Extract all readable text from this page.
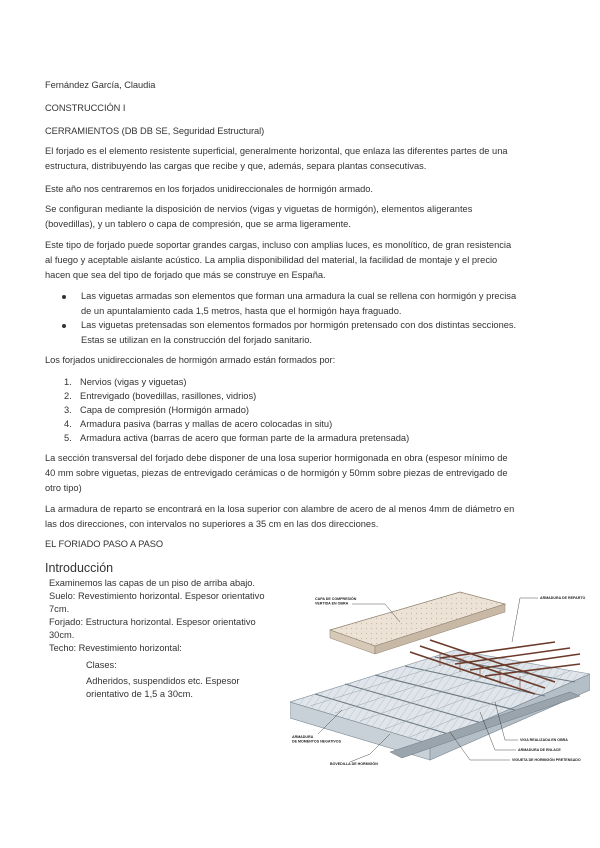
Fernández García, Claudia
CONSTRUCCIÓN I
CERRAMIENTOS (DB DB SE, Seguridad Estructural)
El forjado es el elemento resistente superficial, generalmente horizontal, que enlaza las diferentes partes de una
estructura, distribuyendo las cargas que recibe y que, además, separa plantas consecutivas.
Este año nos centraremos en los forjados unidireccionales de hormigón armado.
Se configuran mediante la disposición de nervios (vigas y viguetas de hormigón), elementos aligerantes
(bovedillas), y un tablero o capa de compresión, que se arma ligeramente.
Este tipo de forjado puede soportar grandes cargas, incluso con amplias luces, es monolítico, de gran resistencia
al fuego y aceptable aislante acústico. La amplia disponibilidad del material, la facilidad de montaje y el precio
hacen que sea del tipo de forjado que más se construye en España.
Las viguetas armadas son elementos que forman una armadura la cual se rellena con hormigón y precisa
de un apuntalamiento cada 1,5 metros, hasta que el hormigón haya fraguado.
Las viguetas pretensadas son elementos formados por hormigón pretensado con dos distintas secciones.
Estas se utilizan en la construcción del forjado sanitario.
Los forjados unidireccionales de hormigón armado están formados por:
1. Nervios (vigas y viguetas)
2. Entrevigado (bovedillas, rasillones, vidrios)
3. Capa de compresión (Hormigón armado)
4. Armadura pasiva (barras y mallas de acero colocadas in situ)
5. Armadura activa (barras de acero que forman parte de la armadura pretensada)
La sección transversal del forjado debe disponer de una losa superior hormigonada en obra (espesor mínimo de
40 mm sobre viguetas, piezas de entrevigado cerámicas o de hormigón y 50mm sobre piezas de entrevigado de
otro tipo)
La armadura de reparto se encontrará en la losa superior con alambre de acero de al menos 4mm de diámetro en
las dos direcciones, con intervalos no superiores a 35 cm en las dos direcciones.
EL FORIADO PASO A PASO
Introducción
Examinemos las capas de un piso de arriba abajo.
Suelo: Revestimiento horizontal. Espesor orientativo
7cm.
Forjado: Estructura horizontal. Espesor orientativo
30cm.
Techo: Revestimiento horizontal:
Clases:
Adheridos, suspendidos etc. Espesor
orientativo de 1,5 a 30cm.
CAPA DE COMPRESIÓN
VERTIDA EN OBRA
ARMADURA DE REPARTO
ARMADURA
DE MOMENTOS NEGATIVOS
BOVEDILLA DE HORMIGÓN
VIGA REALIZADA EN OBRA
ARMADURA DE ENLACE
VIGUETA DE HORMIGÓN PRETENSADO
